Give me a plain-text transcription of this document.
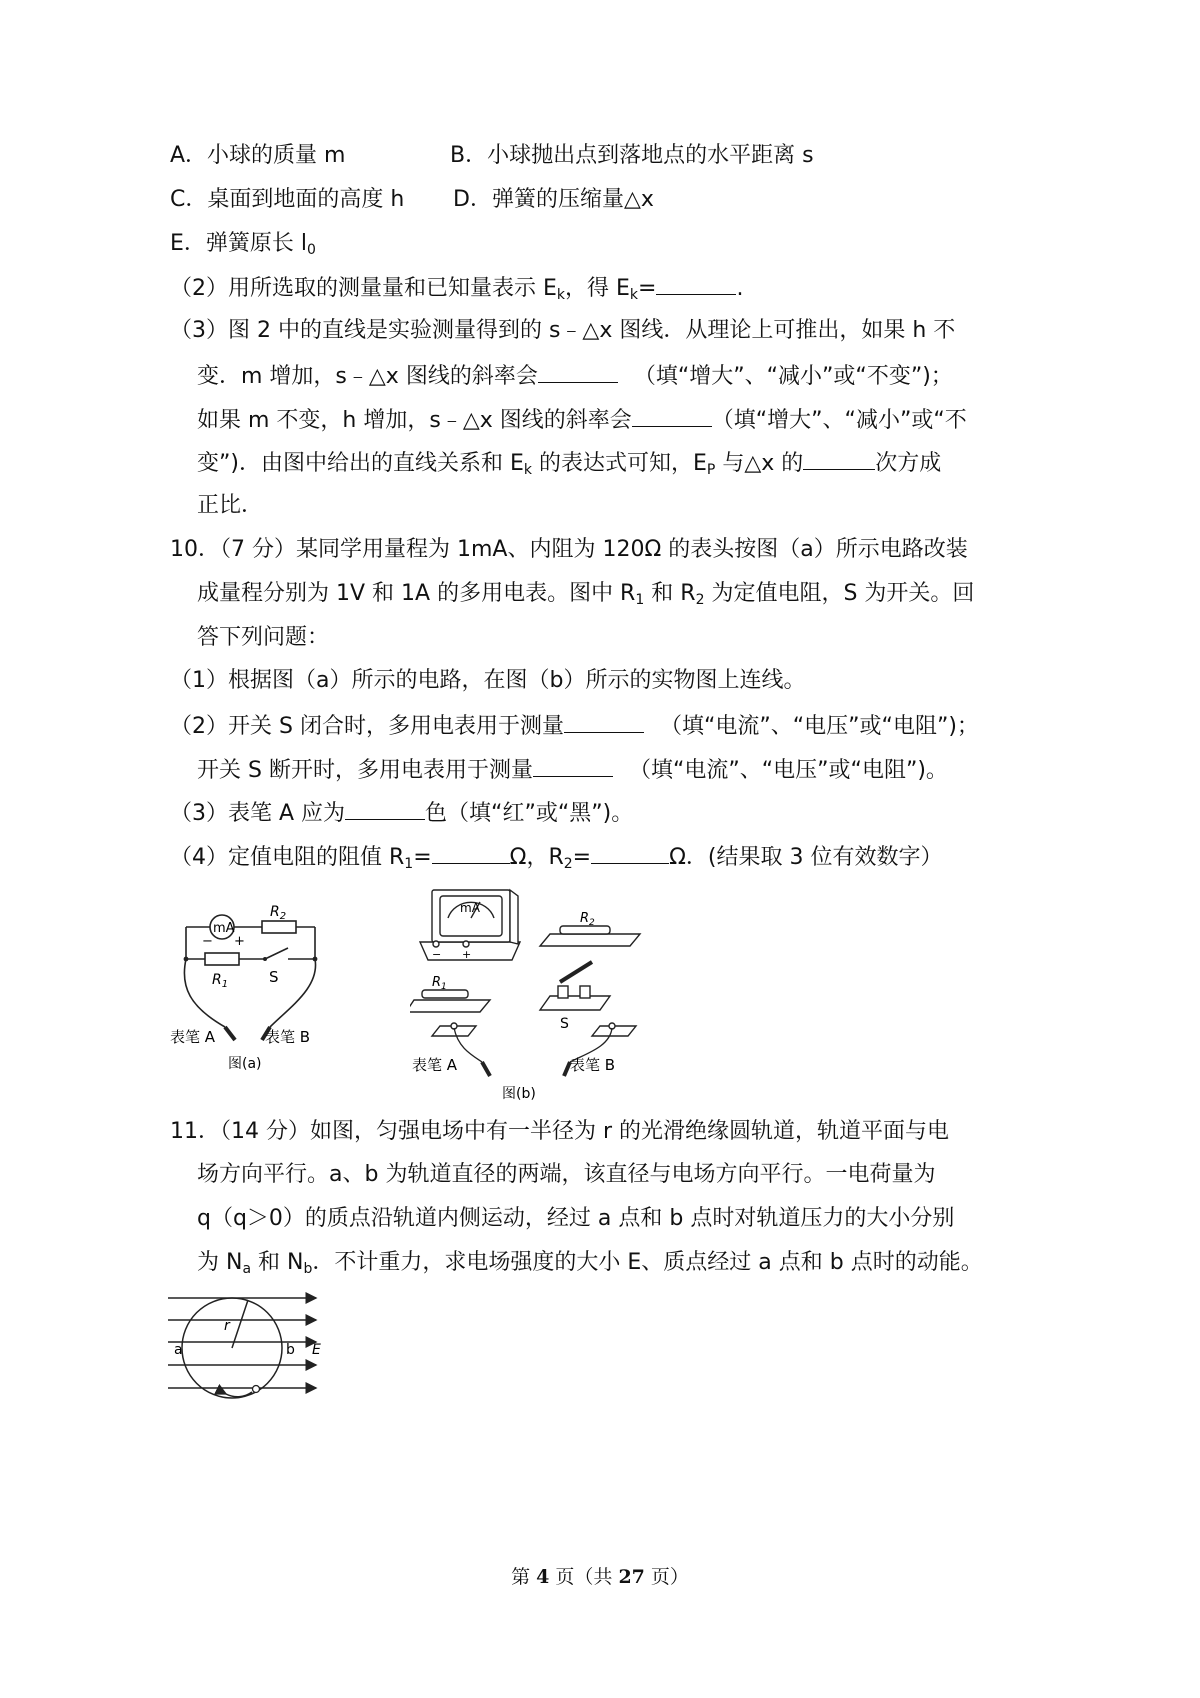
A．小球的质量 m	B．小球抛出点到落地点的水平距离 s
C．桌面到地面的高度 h D．弹簧的压缩量△x
E．弹簧原长 $l_0$
（2）用所选取的测量量和已知量表示 $E_k$，得 $E_k=$	.
（3）图 2 中的直线是实验测量得到的 s﹣△x 图线．从理论上可推出，如果 h 不
变．m 增加，s﹣△x 图线的斜率会	（填“增大”、“减小”或“不变”)；
如果 m 不变，h 增加，s﹣△x 图线的斜率会	（填“增大”、“减小”或“不
变”)．由图中给出的直线关系和 $E_k$ 的表达式可知，$E_P$ 与△x 的	次方成
正比．
10．（7 分）某同学用量程为 1mA、内阻为 120Ω 的表头按图（a）所示电路改装
成量程分别为 1V 和 1A 的多用电表。图中 $R_1$ 和 $R_2$ 为定值电阻，S 为开关。回
答下列问题：
（1）根据图（a）所示的电路，在图（b）所示的实物图上连线。
（2）开关 S 闭合时，多用电表用于测量	（填“电流”、“电压”或“电阻”)；
开关 S 断开时，多用电表用于测量	（填“电流”、“电压”或“电阻”)。
（3）表笔 A 应为	色（填“红”或“黑”)。
（4）定值电阻的阻值 $R_1=$	Ω，$R_2=$	Ω．(结果取 3 位有效数字）
mA
− +
$R_2$
$R_1$	S
表笔 A	表笔 B
图(a)
mA
− +
$R_2$
$R_1$
S
表笔 A	表笔 B
图(b)
11．（14 分）如图，匀强电场中有一半径为 r 的光滑绝缘圆轨道，轨道平面与电
场方向平行。a、b 为轨道直径的两端，该直径与电场方向平行。一电荷量为
q（q＞0）的质点沿轨道内侧运动，经过 a 点和 b 点时对轨道压力的大小分别
为 $N_a$ 和 $N_b$．不计重力，求电场强度的大小 E、质点经过 a 点和 b 点时的动能。
r
E
a	b
第 4 页（共 27 页）
